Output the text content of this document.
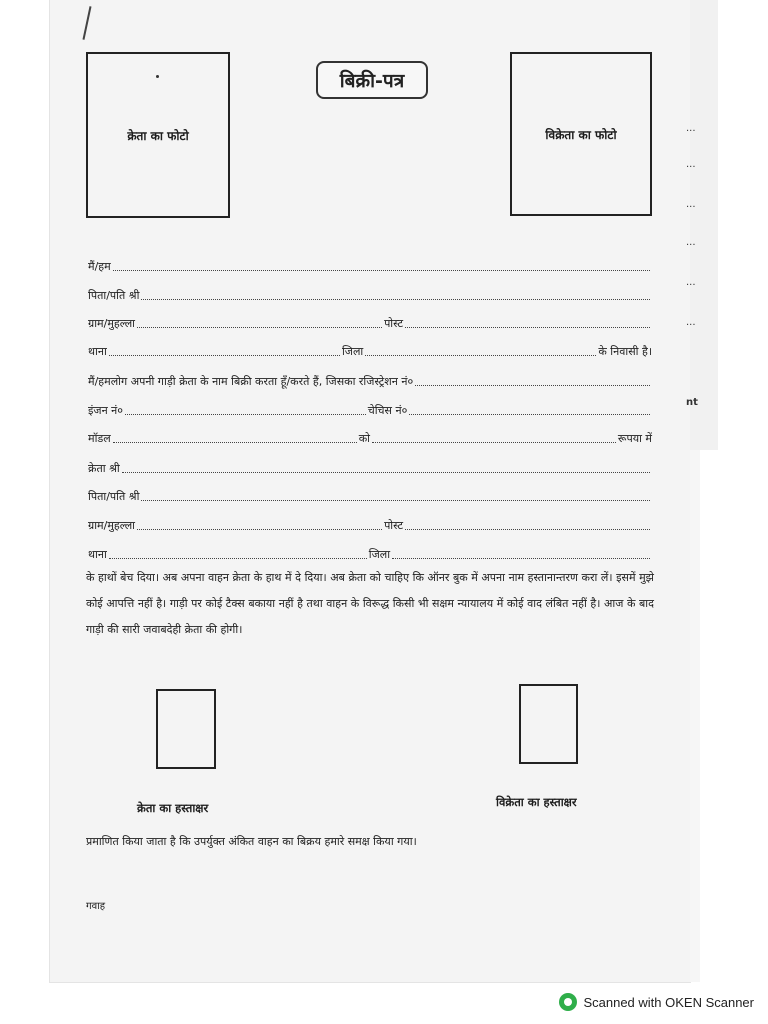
...
...
...
...
...
...
nt
बिक्री-पत्र
क्रेता का फोटो	विक्रेता का फोटो
मैं/हम
पिता/पति श्री
ग्राम/मुहल्ला	पोस्ट
थाना	जिला	के निवासी है।
मैं/हमलोग अपनी गाड़ी क्रेता के नाम बिक्री करता हूँ/करते हैं, जिसका रजिस्ट्रेशन नं०
इंजन नं०	चेचिस नं०
मॉडल	को	रूपया में
क्रेता श्री
पिता/पति श्री
ग्राम/मुहल्ला	पोस्ट
थाना	जिला
के हाथों बेच दिया। अब अपना वाहन क्रेता के हाथ में दे दिया। अब क्रेता को चाहिए कि ऑनर बुक में अपना नाम हस्तानान्तरण करा लें। इसमें मुझे कोई आपत्ति नहीं है। गाड़ी पर कोई टैक्स बकाया नहीं है तथा वाहन के विरूद्ध किसी भी सक्षम न्यायालय में कोई वाद लंबित नहीं है। आज के बाद गाड़ी की सारी जवाबदेही क्रेता की होगी।
क्रेता का हस्ताक्षर	विक्रेता का हस्ताक्षर
प्रमाणित किया जाता है कि उपर्युक्त अंकित वाहन का बिक्रय हमारे समक्ष किया गया।
गवाह
Scanned with OKEN Scanner
